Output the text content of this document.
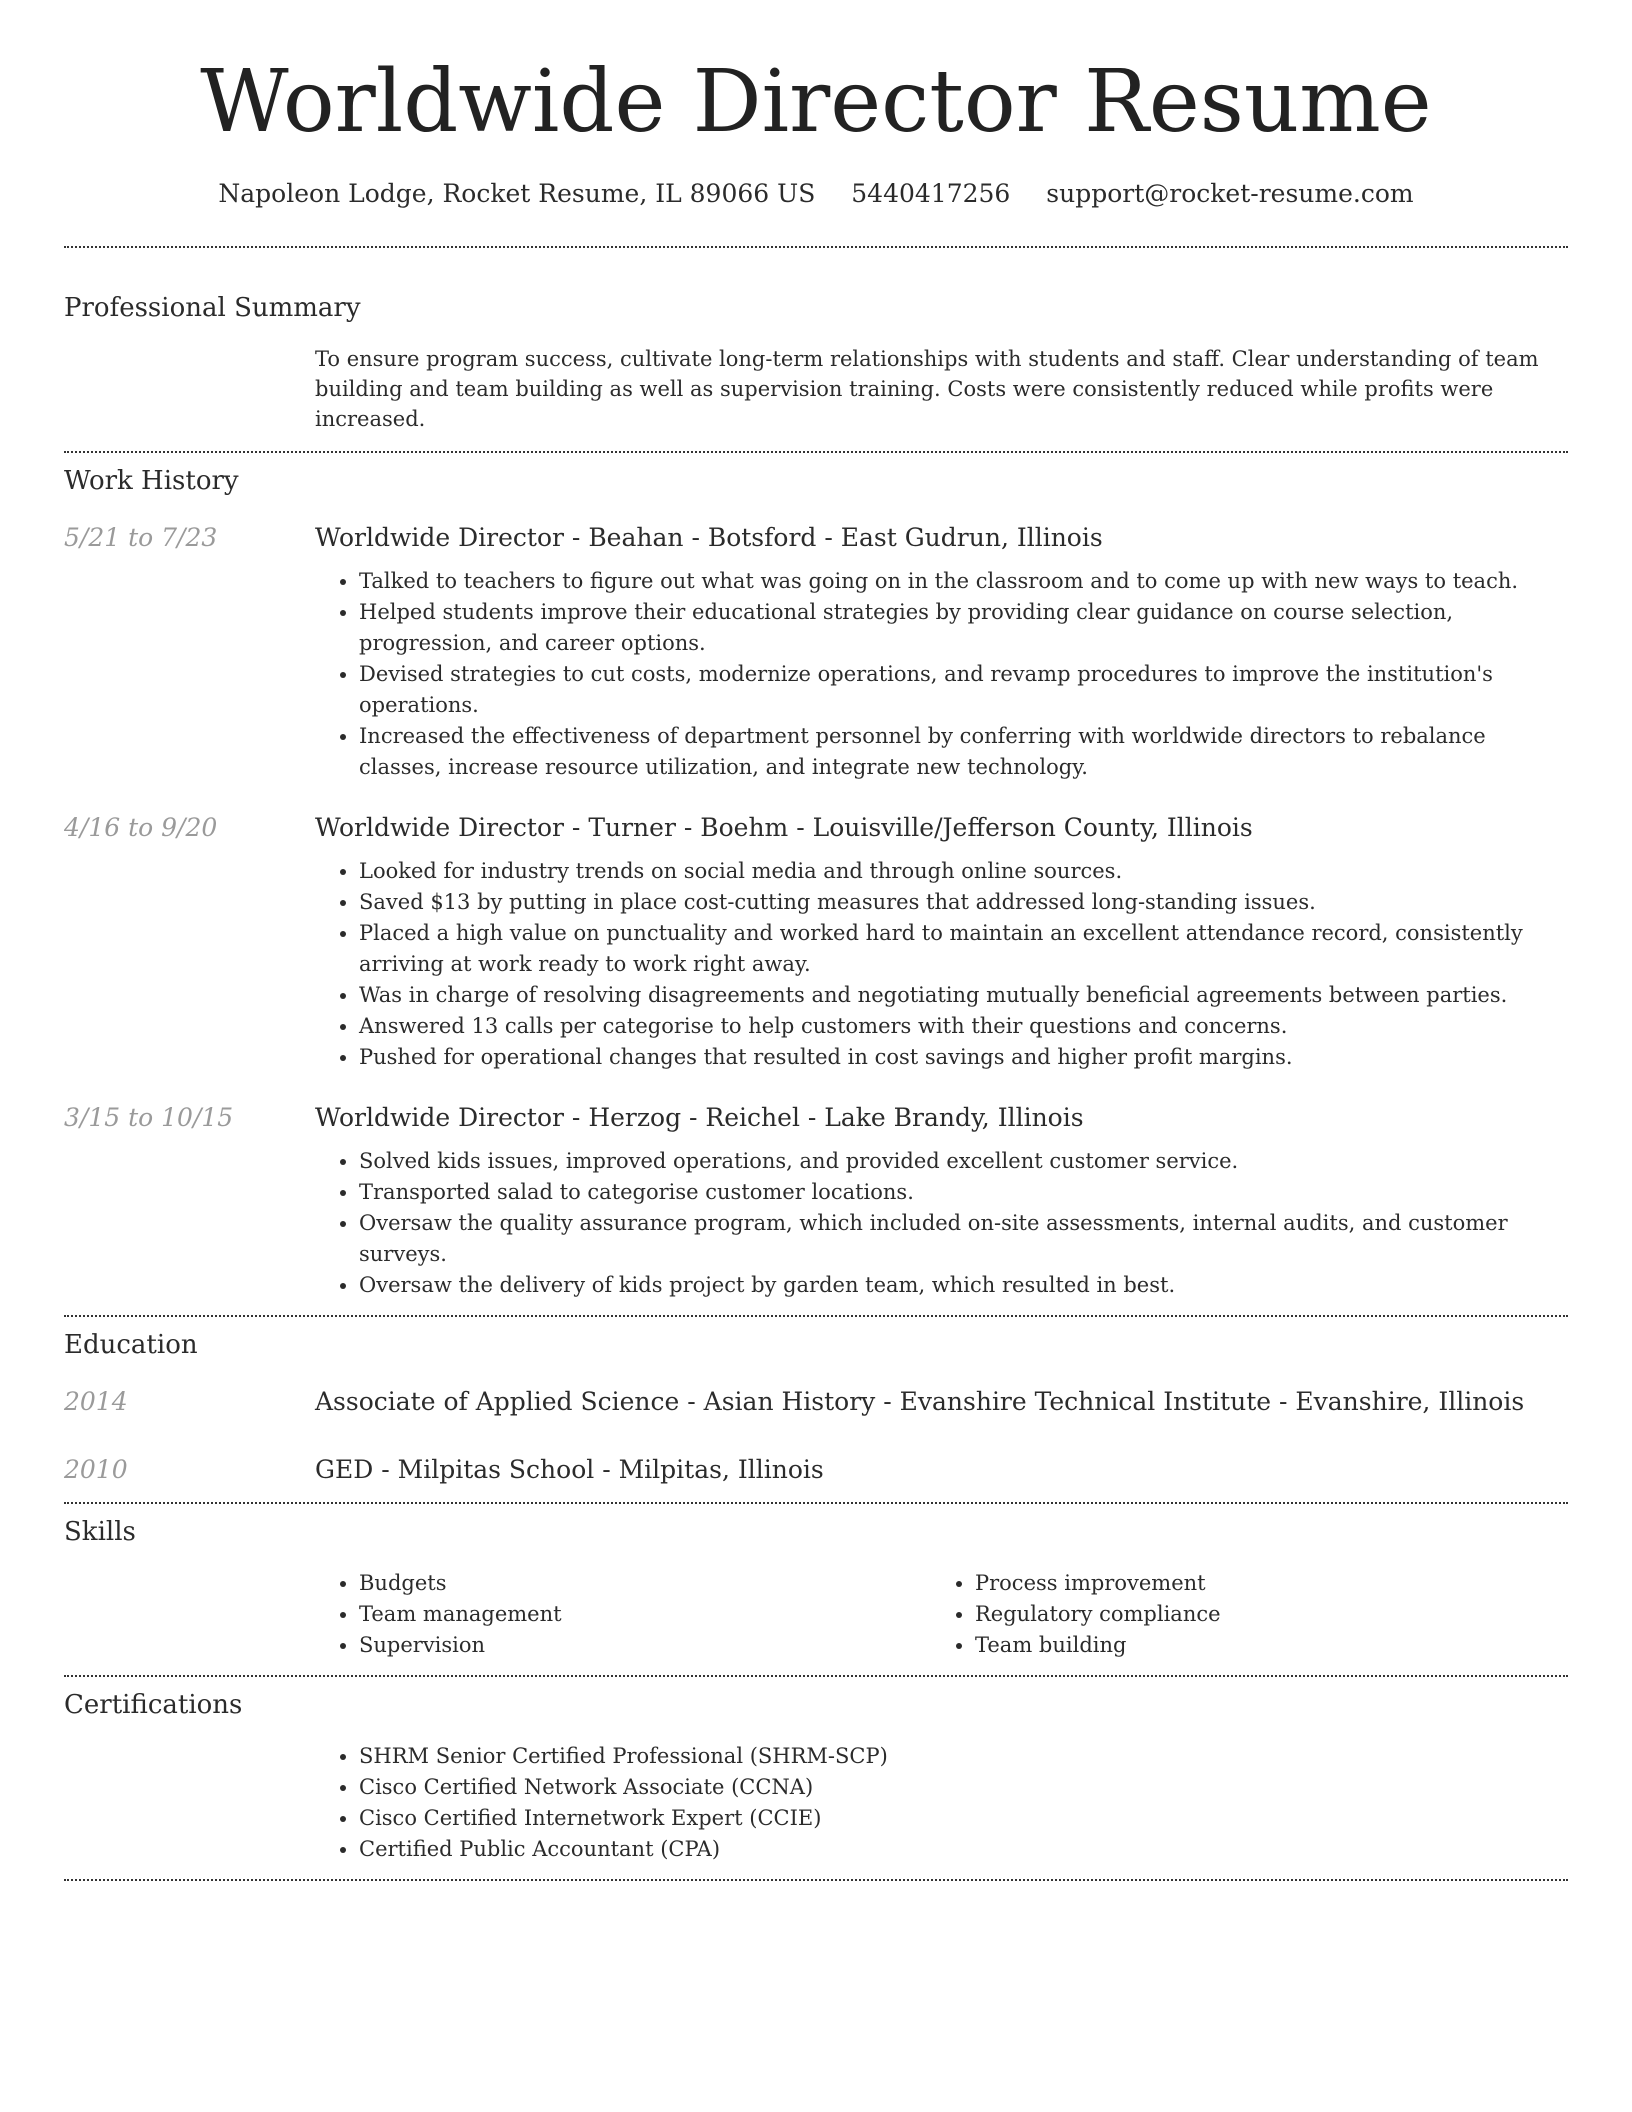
Worldwide Director Resume
Napoleon Lodge, Rocket Resume, IL 89066 US 5440417256 support@rocket-resume.com
Professional Summary
To ensure program success, cultivate long-term relationships with students and staff. Clear understanding of team building and team building as well as supervision training. Costs were consistently reduced while profits were increased.
Work History
5/21 to 7/23	Worldwide Director - Beahan - Botsford - East Gudrun, Illinois
• Talked to teachers to figure out what was going on in the classroom and to come up with new ways to teach.
• Helped students improve their educational strategies by providing clear guidance on course selection, progression, and career options.
• Devised strategies to cut costs, modernize operations, and revamp procedures to improve the institution's operations.
• Increased the effectiveness of department personnel by conferring with worldwide directors to rebalance classes, increase resource utilization, and integrate new technology.
4/16 to 9/20	Worldwide Director - Turner - Boehm - Louisville/Jefferson County, Illinois
• Looked for industry trends on social media and through online sources.
• Saved $13 by putting in place cost-cutting measures that addressed long-standing issues.
• Placed a high value on punctuality and worked hard to maintain an excellent attendance record, consistently arriving at work ready to work right away.
• Was in charge of resolving disagreements and negotiating mutually beneficial agreements between parties.
• Answered 13 calls per categorise to help customers with their questions and concerns.
• Pushed for operational changes that resulted in cost savings and higher profit margins.
3/15 to 10/15	Worldwide Director - Herzog - Reichel - Lake Brandy, Illinois
• Solved kids issues, improved operations, and provided excellent customer service.
• Transported salad to categorise customer locations.
• Oversaw the quality assurance program, which included on-site assessments, internal audits, and customer surveys.
• Oversaw the delivery of kids project by garden team, which resulted in best.
Education
2014	Associate of Applied Science - Asian History - Evanshire Technical Institute - Evanshire, Illinois
2010	GED - Milpitas School - Milpitas, Illinois
Skills
• Budgets
• Team management
• Supervision
• Process improvement
• Regulatory compliance
• Team building
Certifications
• SHRM Senior Certified Professional (SHRM-SCP)
• Cisco Certified Network Associate (CCNA)
• Cisco Certified Internetwork Expert (CCIE)
• Certified Public Accountant (CPA)
